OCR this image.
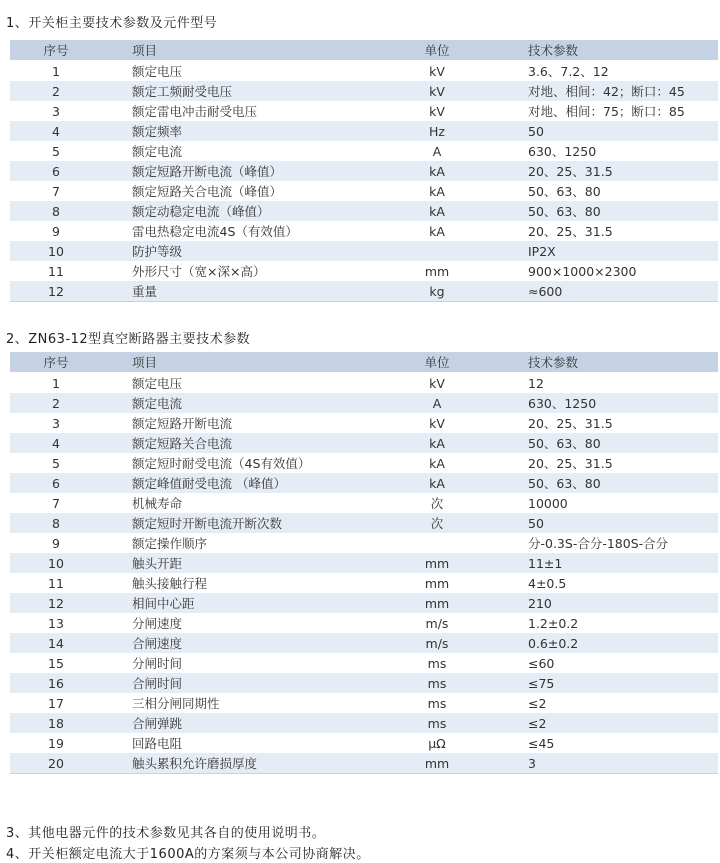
1、开关柜主要技术参数及元件型号
序号	项目	单位	技术参数
1	额定电压	kV	3.6、7.2、12
2	额定工频耐受电压	kV	对地、相间：42；断口：45
3	额定雷电冲击耐受电压	kV	对地、相间：75；断口：85
4	额定频率	Hz	50
5	额定电流	A	630、1250
6	额定短路开断电流（峰值）	kA	20、25、31.5
7	额定短路关合电流（峰值）	kA	50、63、80
8	额定动稳定电流（峰值）	kA	50、63、80
9	雷电热稳定电流4S（有效值）	kA	20、25、31.5
10	防护等级		IP2X
11	外形尺寸（宽×深×高）	mm	900×1000×2300
12	重量	kg	≈600
2、ZN63-12型真空断路器主要技术参数
序号	项目	单位	技术参数
1	额定电压	kV	12
2	额定电流	A	630、1250
3	额定短路开断电流	kV	20、25、31.5
4	额定短路关合电流	kA	50、63、80
5	额定短时耐受电流（4S有效值）	kA	20、25、31.5
6	额定峰值耐受电流 （峰值）	kA	50、63、80
7	机械寿命	次	10000
8	额定短时开断电流开断次数	次	50
9	额定操作顺序		分-0.3S-合分-180S-合分
10	触头开距	mm	11±1
11	触头接触行程	mm	4±0.5
12	相间中心距	mm	210
13	分闸速度	m/s	1.2±0.2
14	合闸速度	m/s	0.6±0.2
15	分闸时间	ms	≤60
16	合闸时间	ms	≤75
17	三相分闸同期性	ms	≤2
18	合闸弹跳	ms	≤2
19	回路电阻	μΩ	≤45
20	触头累积允许磨损厚度	mm	3
3、其他电器元件的技术参数见其各自的使用说明书。
4、开关柜额定电流大于1600A的方案须与本公司协商解决。
